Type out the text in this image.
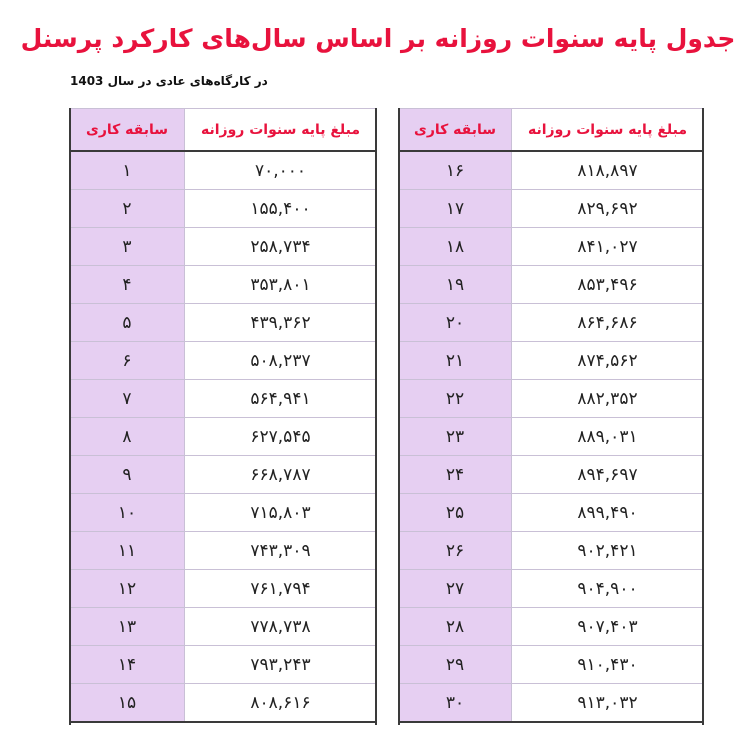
جدول پایه سنوات روزانه بر اساس سال‌های کارکرد پرسنل
در کارگاه‌های عادی در سال 1403
سابقه کاری	مبلغ پایه سنوات روزانه
۱	۷۰,۰۰۰
۲	۱۵۵,۴۰۰
۳	۲۵۸,۷۳۴
۴	۳۵۳,۸۰۱
۵	۴۳۹,۳۶۲
۶	۵۰۸,۲۳۷
۷	۵۶۴,۹۴۱
۸	۶۲۷,۵۴۵
۹	۶۶۸,۷۸۷
۱۰	۷۱۵,۸۰۳
۱۱	۷۴۳,۳۰۹
۱۲	۷۶۱,۷۹۴
۱۳	۷۷۸,۷۳۸
۱۴	۷۹۳,۲۴۳
۱۵	۸۰۸,۶۱۶
سابقه کاری	مبلغ پایه سنوات روزانه
۱۶	۸۱۸,۸۹۷
۱۷	۸۲۹,۶۹۲
۱۸	۸۴۱,۰۲۷
۱۹	۸۵۳,۴۹۶
۲۰	۸۶۴,۶۸۶
۲۱	۸۷۴,۵۶۲
۲۲	۸۸۲,۳۵۲
۲۳	۸۸۹,۰۳۱
۲۴	۸۹۴,۶۹۷
۲۵	۸۹۹,۴۹۰
۲۶	۹۰۲,۴۲۱
۲۷	۹۰۴,۹۰۰
۲۸	۹۰۷,۴۰۳
۲۹	۹۱۰,۴۳۰
۳۰	۹۱۳,۰۳۲
